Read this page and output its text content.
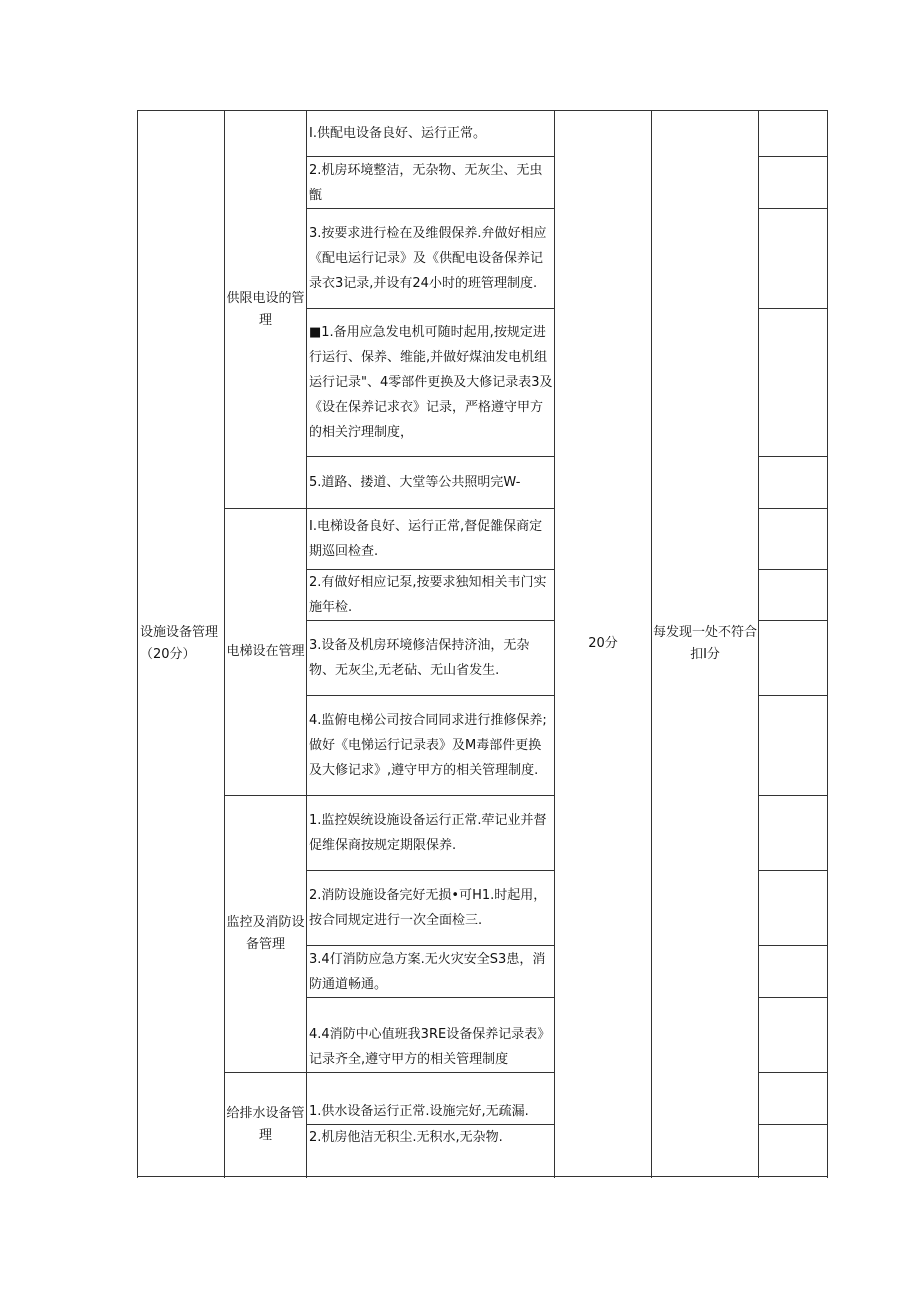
设施设备管理（20分）	供限电设的管理	I.供配电设备良好、运行正常。	20分	每发现一处不符合扣I分	

		2.机房环境整洁，无杂物、无灰尘、无虫甑			

		3.按要求进行检在及维假保养.弁做好相应《配电运行记录》及《供配电设备保养记录衣3记录,并设有24小时的班管理制度.			

		■1.备用应急发电机可随时起用,按规定进行运行、保养、维能,并做好煤油发电机组运行记录"、4零部件更换及大修记录表3及《设在保养记求衣》记录，严格遵守甲方的相关泞理制度，			

		5.道路、搂道、大堂等公共照明完W-			

	电梯设在管理	I.电梯设备良好、运行正常,督促雒保商定期巡回检查.			

		2.有做好相应记泵,按要求独知相关韦门实施年检.			

		3.设备及机房环境修洁保持济油，无杂物、无灰尘,无老砧、无山省发生.			

		4.监俯电梯公司按合同同求进行推修保养;做好《电悌运行记录表》及M毒部件更换及大修记求》,遵守甲方的相关管理制度.			

	监控及消防设备管理	1.监控娱统设施设备运行正常.荦记业并督促维保商按规定期限保养.			

		2.消防设施设备完好无损•可H1.时起用，按合同规定进行一次全面检三.			

		3.4仃消防应急方案.无火灾安全S3患，消防通道畅通。			

		4.4消防中心值班我3RE设备保养记录表》记录齐全,遵守甲方的相关管理制度			

	给排水设备管理	1.供水设备运行正常.设施完好,无疏漏.			

		2.机房他洁无积尘.无积水,无杂物.			
